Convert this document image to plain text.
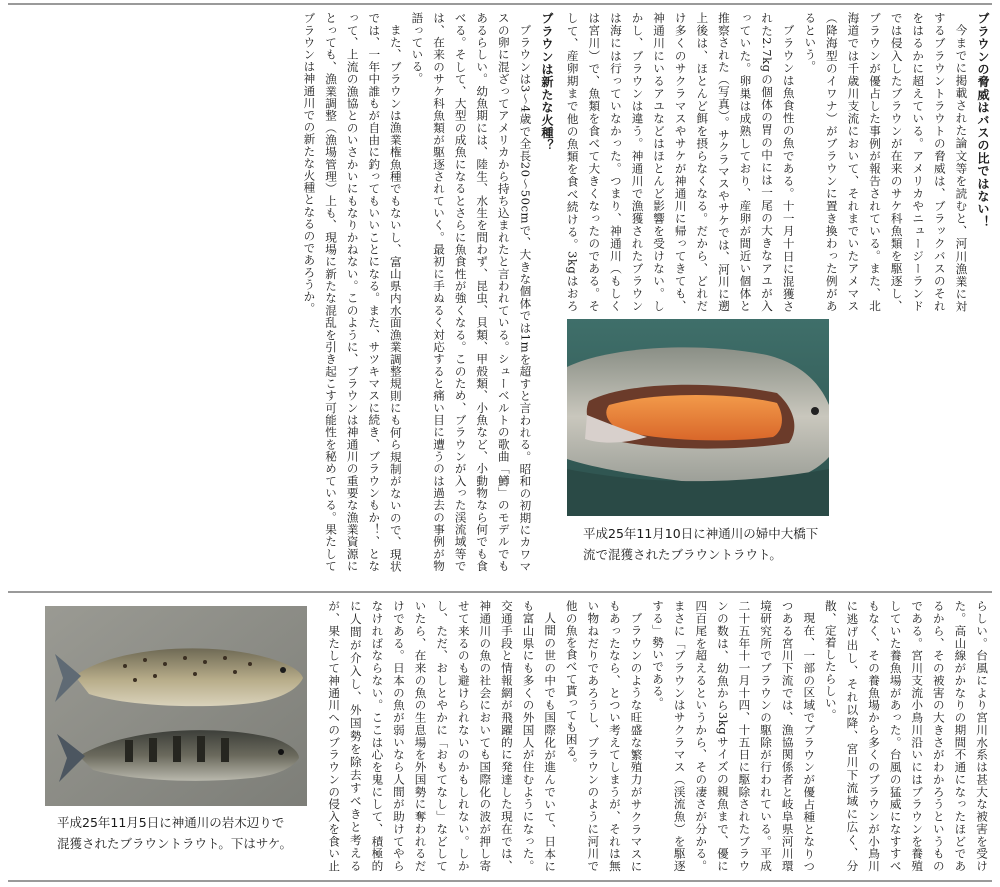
ブラウンの脅威はバスの比ではない！
今までに掲載された論文等を読むと、河川漁業に対するブラウントラウトの脅威は、ブラックバスのそれをはるかに超えている。アメリカやニュージーランドでは侵入したブラウンが在来のサケ科魚類を駆逐し、ブラウンが優占した事例が報告されている。また、北海道では千歳川支流において、それまでいたアメマス（降海型のイワナ）がブラウンに置き換わった例があるという。
ブラウンは魚食性の魚である。十一月十日に混獲された2.7kgの個体の胃の中には一尾の大きなアユが入っていた。卵巣は成熟しており、産卵が間近い個体と推察された（写真）。サクラマスやサケでは、河川に遡上後は、ほとんど餌を摂らなくなる。だから、どれだけ多くのサクラマスやサケが神通川に帰ってきても、神通川にいるアユなどはほとんど影響を受けない。しかし、ブラウンは違う。神通川で漁獲されたブラウンは海には行っていなかった。つまり、神通川（もしくは宮川）で、魚類を食べて大きくなったのである。そして、産卵期まで他の魚類を食べ続ける。3kgはおろ
ブラウンは新たな火種？
ブラウンは3～4歳で全長20～50cmで、大きな個体では1mを超すと言われる。昭和の初期にカワマスの卵に混ざってアメリカから持ち込まれたと言われている。シューベルトの歌曲「鱒」のモデルでもあるらしい。幼魚期には、陸生、水生を問わず、昆虫、貝類、甲殻類、小魚など、小動物なら何でも食べる。そして、大型の成魚になるとさらに魚食性が強くなる。このため、ブラウンが入った渓流域等では、在来のサケ科魚類が駆逐されていく。最初に手ぬるく対応すると痛い目に遭うのは過去の事例が物語っている。
また、ブラウンは漁業権魚種でもないし、富山県内水面漁業調整規則にも何ら規制がないので、現状では、一年中誰もが自由に釣ってもいいことになる。また、サツキマスに続き、ブラウンもか！、となって、上流の漁協とのいさかいにもなりかねない。このように、ブラウンは神通川の重要な漁業資源にとっても、漁業調整（漁場管理）上も、現場に新たな混乱を引き起こす可能性を秘めている。果たしてブラウンは神通川での新たな火種となるのであろうか。
平成25年11月10日に神通川の婦中大橋下
流で混獲されたブラウントラウト。
らしい。台風により宮川水系は甚大な被害を受けた。高山線がかなりの期間不通になったほどであるから、その被害の大きさがわかろうというものである。宮川支流小鳥川沿いにはブラウンを養殖していた養魚場があった。台風の猛威になすすべもなく、その養魚場から多くのブラウンが小鳥川に逃げ出し、それ以降、宮川下流域に広く、分散、定着したらしい。
現在、一部の区域でブラウンが優占種となりつつある宮川下流では、漁協関係者と岐阜県河川環境研究所でブラウンの駆除が行われている。平成二十五年十一月十四、十五日に駆除されたブラウンの数は、幼魚から3kgサイズの親魚まで、優に四百尾を超えるというから、その凄さが分かる。まさに「ブラウンはサクラマス（渓流魚）を駆逐する」勢いである。
ブラウンのような旺盛な繁殖力がサクラマスにもあったなら、とつい考えてしまうが、それは無い物ねだりであろうし、ブラウンのように河川で他の魚を食べて貰っても困る。
人間の世の中でも国際化が進んでいて、日本にも富山県にも多くの外国人が住むようになった。交通手段と情報網が飛躍的に発達した現在では、神通川の魚の社会においても国際化の波が押し寄せて来るのも避けられないのかもしれない。しかし、ただ、おしとやかに「おもてなし」などしていたら、在来の魚の生息場を外国勢に奪われるだけである。日本の魚が弱いなら人間が助けてやらなければならない。ここは心を鬼にして、積極的に人間が介入し、外国勢を除去すべきと考えるが、果たして神通川へのブラウンの侵入を食い止
平成25年11月5日に神通川の岩木辺りで
混獲されたブラウントラウト。下はサケ。
